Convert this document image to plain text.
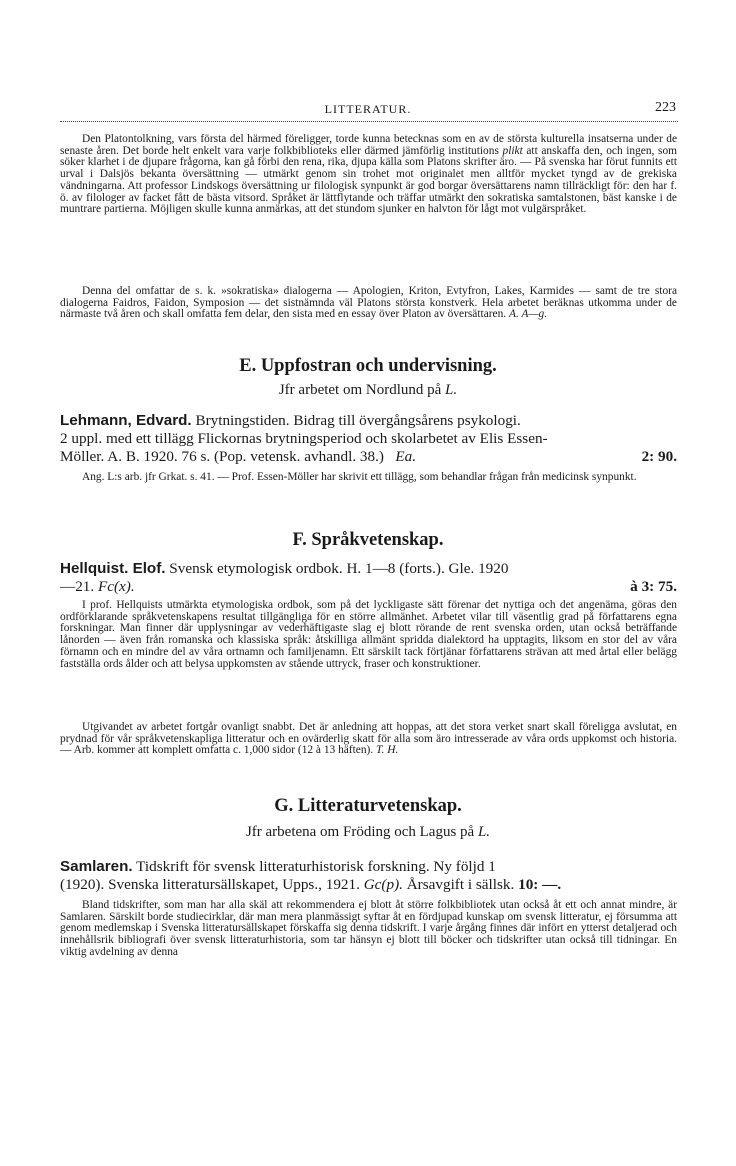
LITTERATUR.	223

Den Platontolkning, vars första del härmed föreligger, torde kunna betecknas som en av de största kulturella insatserna under de senaste åren. Det borde helt enkelt vara varje folkbiblioteks eller därmed jämförlig institutions plikt att anskaffa den, och ingen, som söker klarhet i de djupare frågorna, kan gå förbi den rena, rika, djupa källa som Platons skrifter äro. — På svenska har förut funnits ett urval i Dalsjös bekanta översättning — utmärkt genom sin trohet mot originalet men alltför mycket tyngd av de grekiska vändningarna. Att professor Lindskogs översättning ur filologisk synpunkt är god borgar översättarens namn tillräckligt för: den har f. ö. av filologer av facket fått de bästa vitsord. Språket är lättflytande och träffar utmärkt den sokratiska samtalstonen, bäst kanske i de muntrare partierna. Möjligen skulle kunna anmärkas, att det stundom sjunker en halvton för lågt mot vulgärspråket.

Denna del omfattar de s. k. »sokratiska» dialogerna — Apologien, Kriton, Evtyfron, Lakes, Karmides — samt de tre stora dialogerna Faidros, Faidon, Symposion — det sistnämnda väl Platons största konstverk. Hela arbetet beräknas utkomma under de närmaste två åren och skall omfatta fem delar, den sista med en essay över Platon av översättaren. A. A—g.

E. Uppfostran och undervisning.
Jfr arbetet om Nordlund på L.

Lehmann, Edvard. Brytningstiden. Bidrag till övergångsårens psykologi.

2 uppl. med ett tillägg Flickornas brytningsperiod och skolarbetet av Elis Essen-

Möller. A. B. 1920. 76 s. (Pop. vetensk. avhandl. 38.) Ea.	2: 90.

Ang. L:s arb. jfr Grkat. s. 41. — Prof. Essen-Möller har skrivit ett tillägg, som behandlar frågan från medicinsk synpunkt.

F. Språkvetenskap.

Hellquist. Elof. Svensk etymologisk ordbok. H. 1—8 (forts.). Gle. 1920

—21. Fc(x).	à 3: 75.

I prof. Hellquists utmärkta etymologiska ordbok, som på det lyckligaste sätt förenar det nyttiga och det angenäma, göras den ordförklarande språkvetenskapens resultat tillgängliga för en större allmänhet. Arbetet vilar till väsentlig grad på författarens egna forskningar. Man finner där upplysningar av vederhäftigaste slag ej blott rörande de rent svenska orden, utan också beträffande lånorden — även från romanska och klassiska språk: åtskilliga allmänt spridda dialektord ha upptagits, liksom en stor del av våra förnamn och en mindre del av våra ortnamn och familjenamn. Ett särskilt tack förtjänar författarens strävan att med årtal eller belägg fastställa ords ålder och att belysa uppkomsten av stående uttryck, fraser och konstruktioner.

Utgivandet av arbetet fortgår ovanligt snabbt. Det är anledning att hoppas, att det stora verket snart skall föreligga avslutat, en prydnad för vår språkvetenskapliga litteratur och en ovärderlig skatt för alla som äro intresserade av våra ords uppkomst och historia. — Arb. kommer att komplett omfatta c. 1,000 sidor (12 à 13 häften). T. H.

G. Litteraturvetenskap.
Jfr arbetena om Fröding och Lagus på L.

Samlaren. Tidskrift för svensk litteraturhistorisk forskning. Ny följd 1

(1920). Svenska litteratursällskapet, Upps., 1921. Gc(p). Årsavgift i sällsk. 10: —.

Bland tidskrifter, som man har alla skäl att rekommendera ej blott åt större folkbibliotek utan också åt ett och annat mindre, är Samlaren. Särskilt borde studiecirklar, där man mera planmässigt syftar åt en fördjupad kunskap om svensk litteratur, ej försumma att genom medlemskap i Svenska litteratursällskapet förskaffa sig denna tidskrift. I varje årgång finnes där infört en ytterst detaljerad och innehållsrik bibliografi över svensk litteraturhistoria, som tar hänsyn ej blott till böcker och tidskrifter utan också till tidningar. En viktig avdelning av denna
